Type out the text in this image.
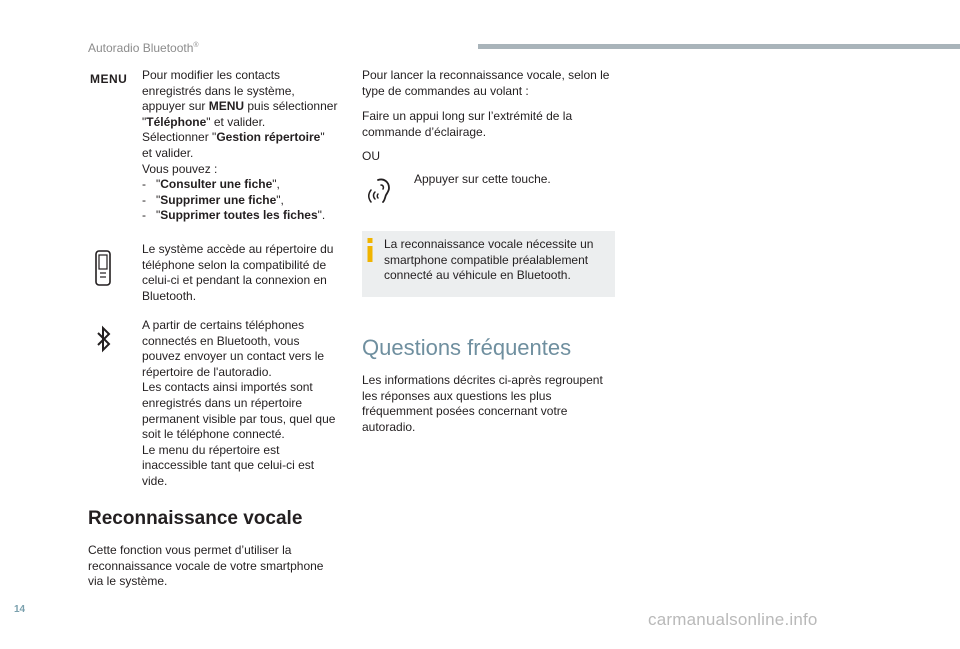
Autoradio Bluetooth®
MENU Pour modifier les contacts

enregistrés dans le système,

appuyer sur MENU puis sélectionner

"Téléphone" et valider.

Sélectionner "Gestion répertoire"

et valider.

Vous pouvez :

- "Consulter une fiche",

- "Supprimer une fiche",

- "Supprimer toutes les fiches".

Le système accède au répertoire du

téléphone selon la compatibilité de

celui-ci et pendant la connexion en

Bluetooth.

A partir de certains téléphones

connectés en Bluetooth, vous

pouvez envoyer un contact vers le

répertoire de l'autoradio.

Les contacts ainsi importés sont

enregistrés dans un répertoire

permanent visible par tous, quel que

soit le téléphone connecté.

Le menu du répertoire est

inaccessible tant que celui-ci est

vide.

Reconnaissance vocale

Cette fonction vous permet d’utiliser la

reconnaissance vocale de votre smartphone

via le système.

Pour lancer la reconnaissance vocale, selon le

type de commandes au volant :

Faire un appui long sur l’extrémité de la

commande d’éclairage.

OU
Appuyer sur cette touche.

La reconnaissance vocale nécessite un

smartphone compatible préalablement

connecté au véhicule en Bluetooth.

Questions fréquentes

Les informations décrites ci-après regroupent

les réponses aux questions les plus

fréquemment posées concernant votre

autoradio.

14
carmanualsonline.info
